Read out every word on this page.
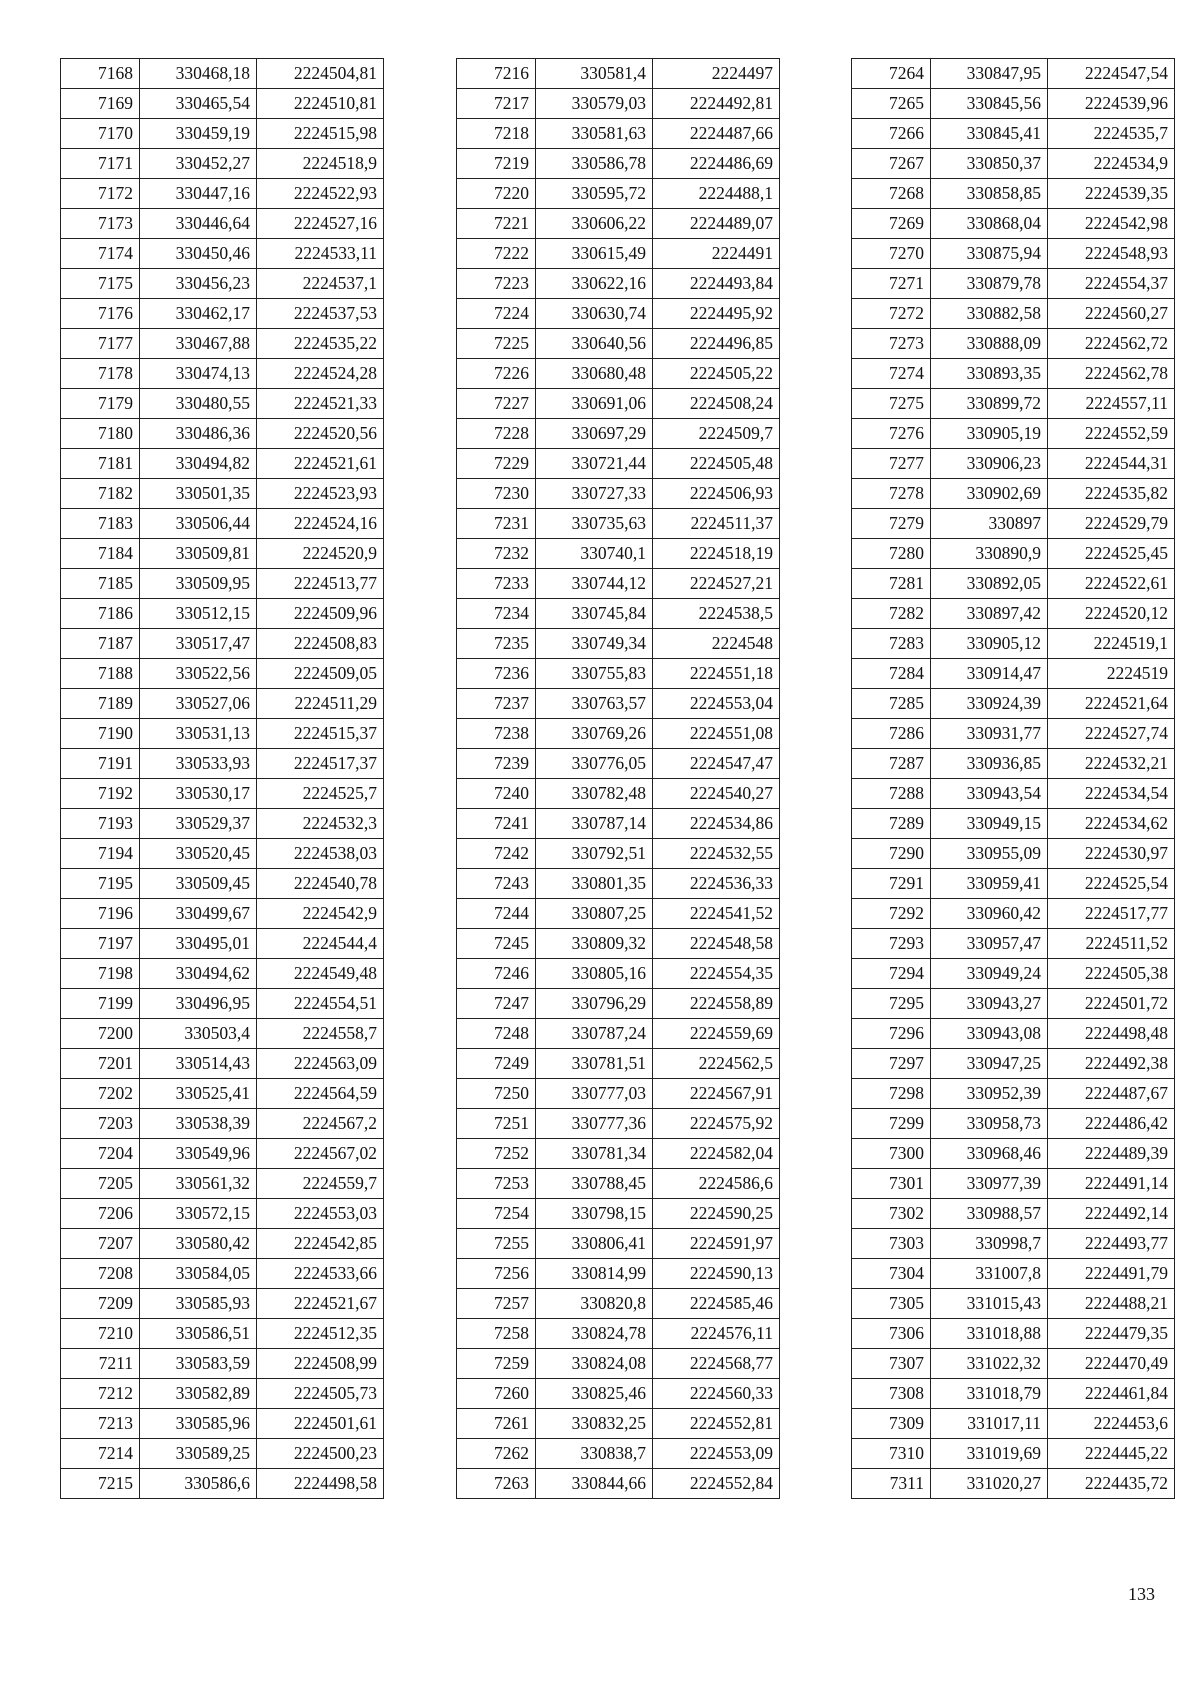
7168	330468,18	2224504,81
7169	330465,54	2224510,81
7170	330459,19	2224515,98
7171	330452,27	2224518,9
7172	330447,16	2224522,93
7173	330446,64	2224527,16
7174	330450,46	2224533,11
7175	330456,23	2224537,1
7176	330462,17	2224537,53
7177	330467,88	2224535,22
7178	330474,13	2224524,28
7179	330480,55	2224521,33
7180	330486,36	2224520,56
7181	330494,82	2224521,61
7182	330501,35	2224523,93
7183	330506,44	2224524,16
7184	330509,81	2224520,9
7185	330509,95	2224513,77
7186	330512,15	2224509,96
7187	330517,47	2224508,83
7188	330522,56	2224509,05
7189	330527,06	2224511,29
7190	330531,13	2224515,37
7191	330533,93	2224517,37
7192	330530,17	2224525,7
7193	330529,37	2224532,3
7194	330520,45	2224538,03
7195	330509,45	2224540,78
7196	330499,67	2224542,9
7197	330495,01	2224544,4
7198	330494,62	2224549,48
7199	330496,95	2224554,51
7200	330503,4	2224558,7
7201	330514,43	2224563,09
7202	330525,41	2224564,59
7203	330538,39	2224567,2
7204	330549,96	2224567,02
7205	330561,32	2224559,7
7206	330572,15	2224553,03
7207	330580,42	2224542,85
7208	330584,05	2224533,66
7209	330585,93	2224521,67
7210	330586,51	2224512,35
7211	330583,59	2224508,99
7212	330582,89	2224505,73
7213	330585,96	2224501,61
7214	330589,25	2224500,23
7215	330586,6	2224498,58
7216	330581,4	2224497
7217	330579,03	2224492,81
7218	330581,63	2224487,66
7219	330586,78	2224486,69
7220	330595,72	2224488,1
7221	330606,22	2224489,07
7222	330615,49	2224491
7223	330622,16	2224493,84
7224	330630,74	2224495,92
7225	330640,56	2224496,85
7226	330680,48	2224505,22
7227	330691,06	2224508,24
7228	330697,29	2224509,7
7229	330721,44	2224505,48
7230	330727,33	2224506,93
7231	330735,63	2224511,37
7232	330740,1	2224518,19
7233	330744,12	2224527,21
7234	330745,84	2224538,5
7235	330749,34	2224548
7236	330755,83	2224551,18
7237	330763,57	2224553,04
7238	330769,26	2224551,08
7239	330776,05	2224547,47
7240	330782,48	2224540,27
7241	330787,14	2224534,86
7242	330792,51	2224532,55
7243	330801,35	2224536,33
7244	330807,25	2224541,52
7245	330809,32	2224548,58
7246	330805,16	2224554,35
7247	330796,29	2224558,89
7248	330787,24	2224559,69
7249	330781,51	2224562,5
7250	330777,03	2224567,91
7251	330777,36	2224575,92
7252	330781,34	2224582,04
7253	330788,45	2224586,6
7254	330798,15	2224590,25
7255	330806,41	2224591,97
7256	330814,99	2224590,13
7257	330820,8	2224585,46
7258	330824,78	2224576,11
7259	330824,08	2224568,77
7260	330825,46	2224560,33
7261	330832,25	2224552,81
7262	330838,7	2224553,09
7263	330844,66	2224552,84
7264	330847,95	2224547,54
7265	330845,56	2224539,96
7266	330845,41	2224535,7
7267	330850,37	2224534,9
7268	330858,85	2224539,35
7269	330868,04	2224542,98
7270	330875,94	2224548,93
7271	330879,78	2224554,37
7272	330882,58	2224560,27
7273	330888,09	2224562,72
7274	330893,35	2224562,78
7275	330899,72	2224557,11
7276	330905,19	2224552,59
7277	330906,23	2224544,31
7278	330902,69	2224535,82
7279	330897	2224529,79
7280	330890,9	2224525,45
7281	330892,05	2224522,61
7282	330897,42	2224520,12
7283	330905,12	2224519,1
7284	330914,47	2224519
7285	330924,39	2224521,64
7286	330931,77	2224527,74
7287	330936,85	2224532,21
7288	330943,54	2224534,54
7289	330949,15	2224534,62
7290	330955,09	2224530,97
7291	330959,41	2224525,54
7292	330960,42	2224517,77
7293	330957,47	2224511,52
7294	330949,24	2224505,38
7295	330943,27	2224501,72
7296	330943,08	2224498,48
7297	330947,25	2224492,38
7298	330952,39	2224487,67
7299	330958,73	2224486,42
7300	330968,46	2224489,39
7301	330977,39	2224491,14
7302	330988,57	2224492,14
7303	330998,7	2224493,77
7304	331007,8	2224491,79
7305	331015,43	2224488,21
7306	331018,88	2224479,35
7307	331022,32	2224470,49
7308	331018,79	2224461,84
7309	331017,11	2224453,6
7310	331019,69	2224445,22
7311	331020,27	2224435,72
133
